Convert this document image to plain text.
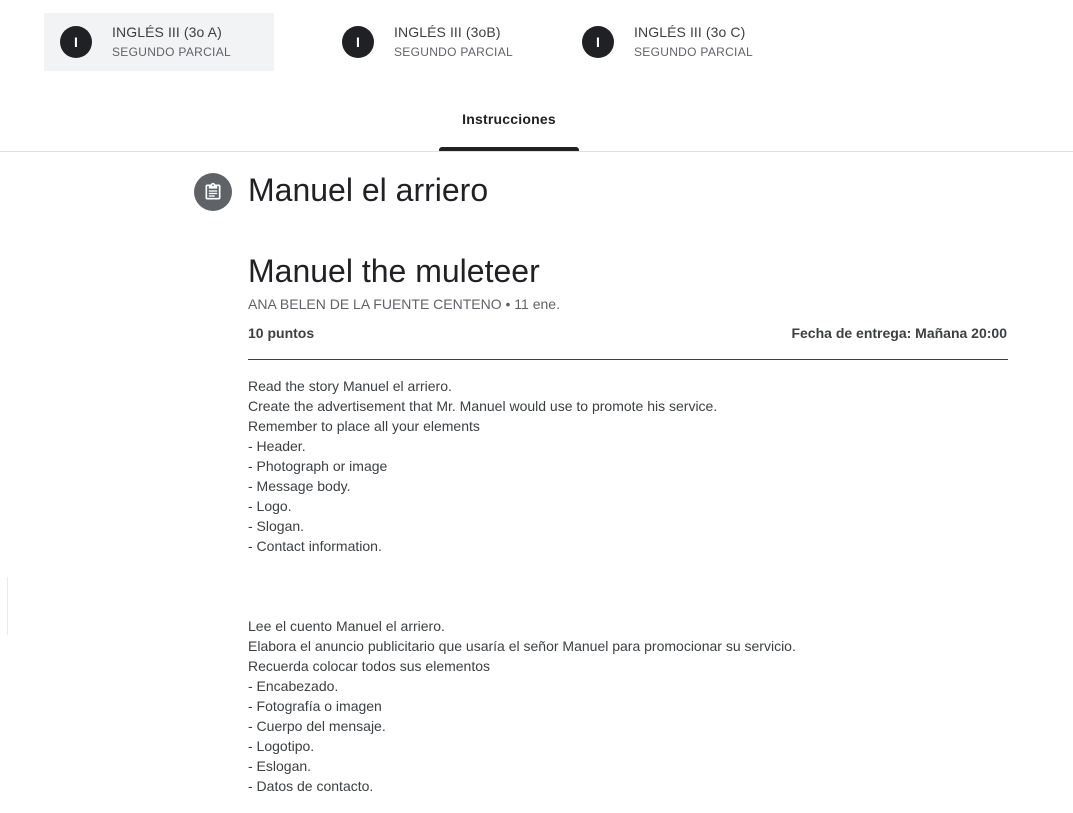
I
INGLÉS III (3o A)
SEGUNDO PARCIAL
I
INGLÉS III (3oB)
SEGUNDO PARCIAL
I
INGLÉS III (3o C)
SEGUNDO PARCIAL
Instrucciones
Manuel el arriero
Manuel the muleteer
ANA BELEN DE LA FUENTE CENTENO • 11 ene.
10 puntos	Fecha de entrega: Mañana 20:00
Read the story Manuel el arriero.
Create the advertisement that Mr. Manuel would use to promote his service.
Remember to place all your elements
- Header.
- Photograph or image
- Message body.
- Logo.
- Slogan.
- Contact information.
Lee el cuento Manuel el arriero.
Elabora el anuncio publicitario que usaría el señor Manuel para promocionar su servicio.
Recuerda colocar todos sus elementos
- Encabezado.
- Fotografía o imagen
- Cuerpo del mensaje.
- Logotipo.
- Eslogan.
- Datos de contacto.
